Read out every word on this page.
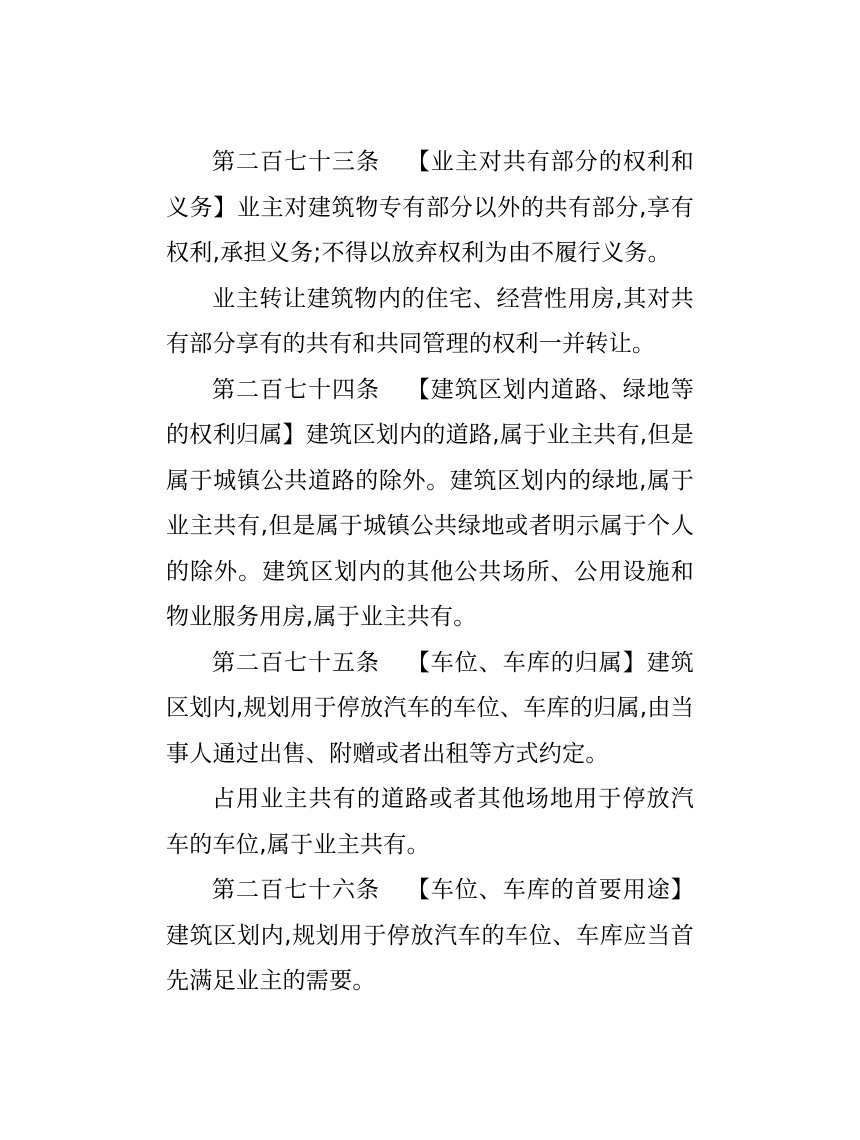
第二百七十三条 【业主对共有部分的权利和义务】业主对建筑物专有部分以外的共有部分,享有权利,承担义务;不得以放弃权利为由不履行义务。

业主转让建筑物内的住宅、经营性用房,其对共有部分享有的共有和共同管理的权利一并转让。

第二百七十四条 【建筑区划内道路、绿地等的权利归属】建筑区划内的道路,属于业主共有,但是属于城镇公共道路的除外。建筑区划内的绿地,属于业主共有,但是属于城镇公共绿地或者明示属于个人的除外。建筑区划内的其他公共场所、公用设施和物业服务用房,属于业主共有。

第二百七十五条 【车位、车库的归属】建筑区划内,规划用于停放汽车的车位、车库的归属,由当事人通过出售、附赠或者出租等方式约定。

占用业主共有的道路或者其他场地用于停放汽车的车位,属于业主共有。

第二百七十六条 【车位、车库的首要用途】建筑区划内,规划用于停放汽车的车位、车库应当首先满足业主的需要。
